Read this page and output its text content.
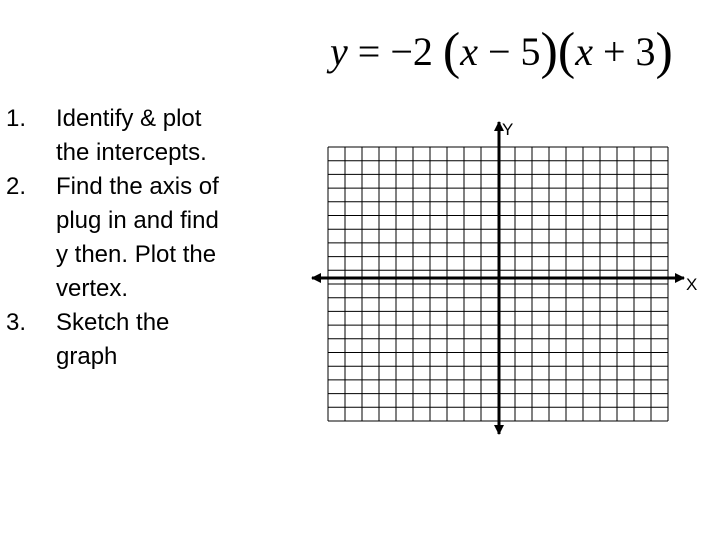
y = −2 (x − 5)(x + 3)
1. Identify & plot
the intercepts.
2. Find the axis of
plug in and find
y then. Plot the
vertex.
3. Sketch the
graph
Y
X
